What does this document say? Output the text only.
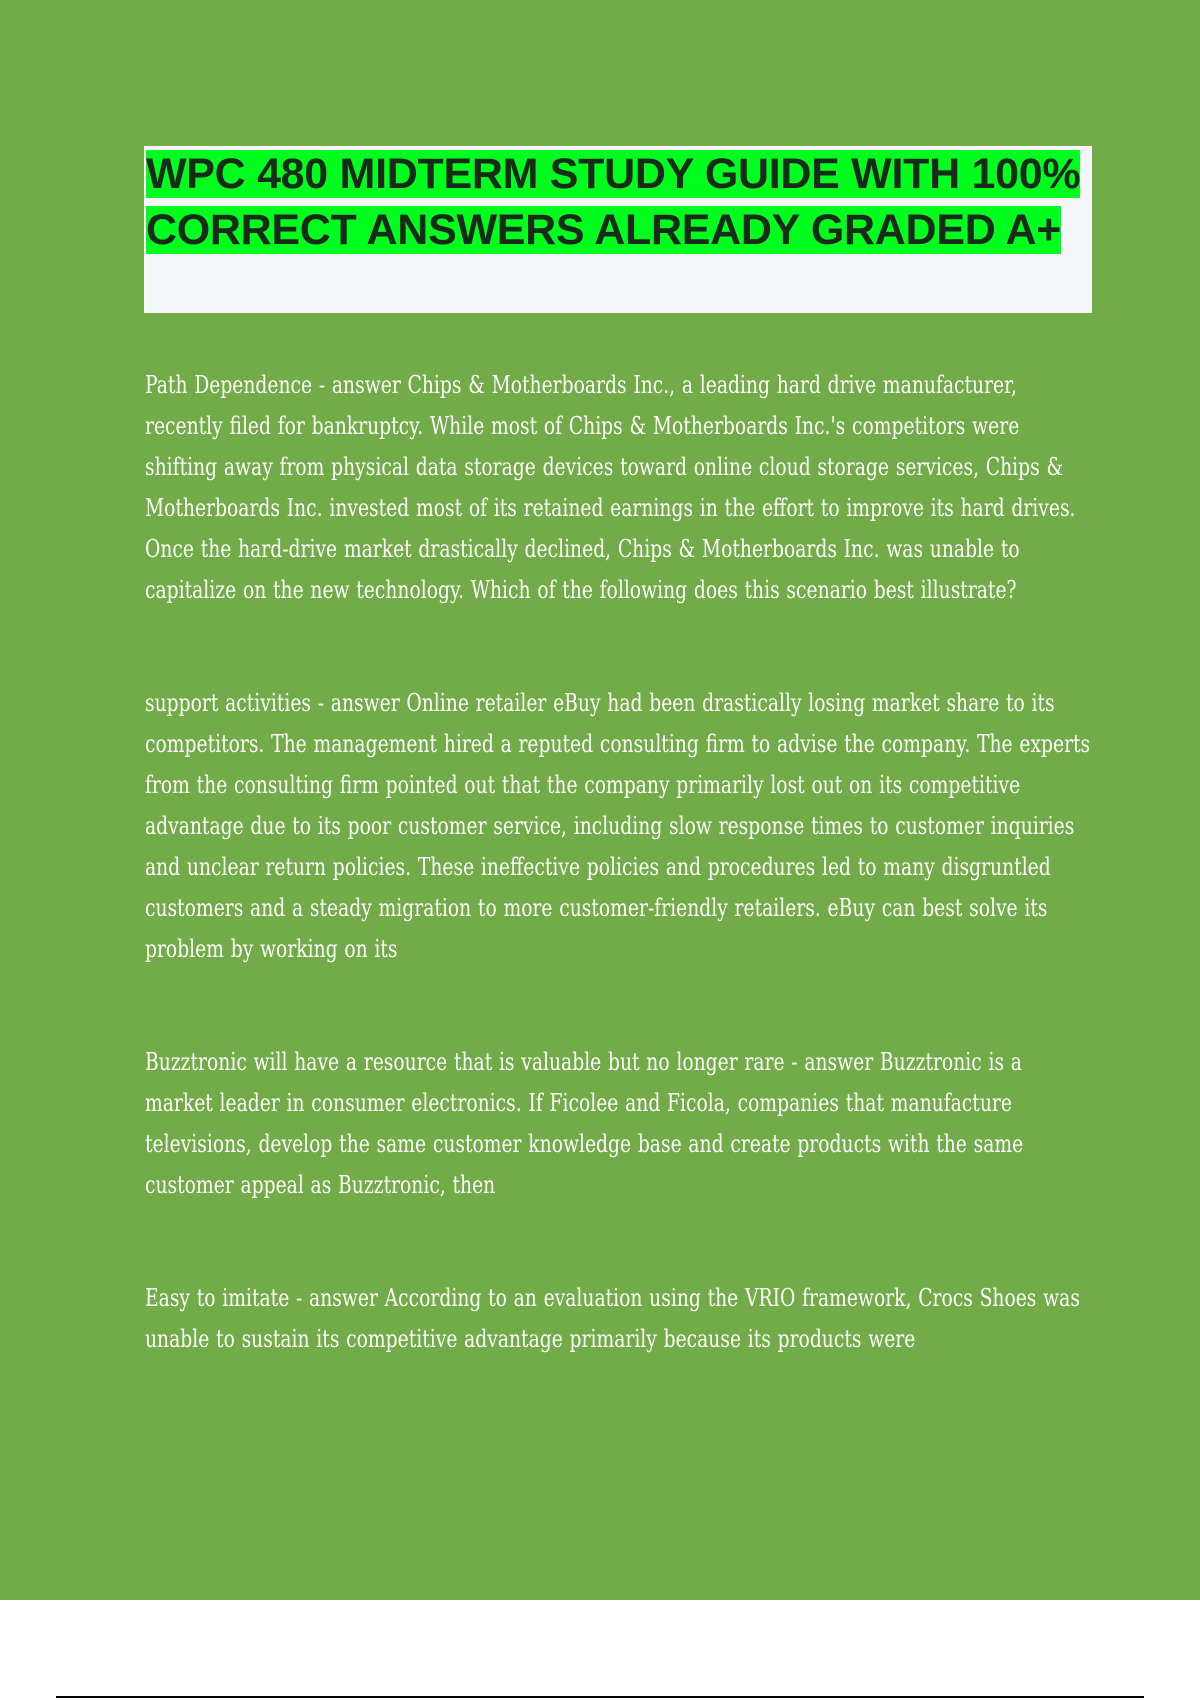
WPC 480 MIDTERM STUDY GUIDE WITH 100% CORRECT ANSWERS ALREADY GRADED A+

Path Dependence - answer Chips & Motherboards Inc., a leading hard drive manufacturer, recently filed for bankruptcy. While most of Chips & Motherboards Inc.'s competitors were shifting away from physical data storage devices toward online cloud storage services, Chips & Motherboards Inc. invested most of its retained earnings in the effort to improve its hard drives. Once the hard-drive market drastically declined, Chips & Motherboards Inc. was unable to capitalize on the new technology. Which of the following does this scenario best illustrate?

support activities - answer Online retailer eBuy had been drastically losing market share to its competitors. The management hired a reputed consulting firm to advise the company. The experts from the consulting firm pointed out that the company primarily lost out on its competitive advantage due to its poor customer service, including slow response times to customer inquiries and unclear return policies. These ineffective policies and procedures led to many disgruntled customers and a steady migration to more customer-friendly retailers. eBuy can best solve its problem by working on its

Buzztronic will have a resource that is valuable but no longer rare - answer Buzztronic is a market leader in consumer electronics. If Ficolee and Ficola, companies that manufacture televisions, develop the same customer knowledge base and create products with the same customer appeal as Buzztronic, then

Easy to imitate - answer According to an evaluation using the VRIO framework, Crocs Shoes was unable to sustain its competitive advantage primarily because its products were
